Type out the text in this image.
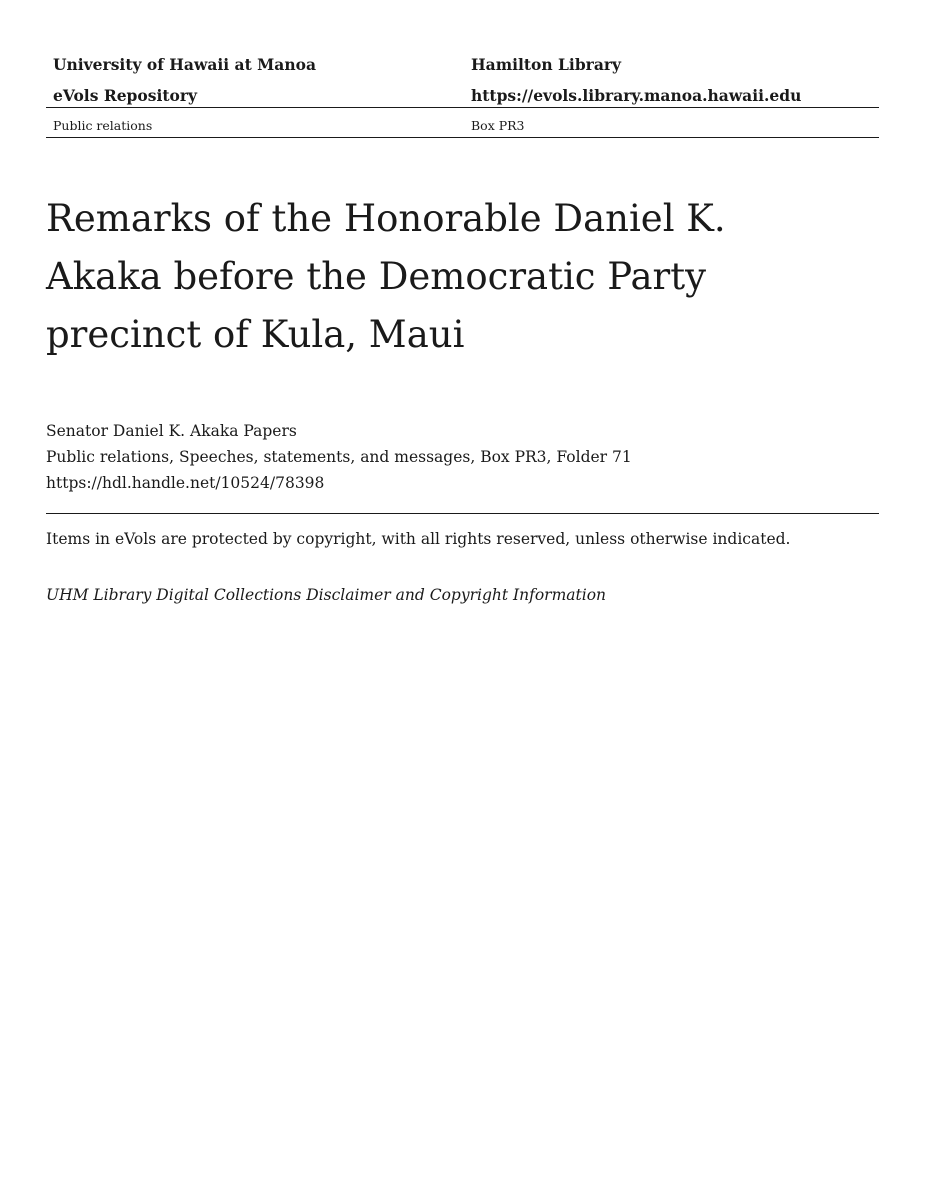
University of Hawaii at Manoa	Hamilton Library
eVols Repository	https://evols.library.manoa.hawaii.edu
Public relations	Box PR3
Remarks of the Honorable Daniel K.
Akaka before the Democratic Party
precinct of Kula, Maui
Senator Daniel K. Akaka Papers
Public relations, Speeches, statements, and messages, Box PR3, Folder 71
https://hdl.handle.net/10524/78398
Items in eVols are protected by copyright, with all rights reserved, unless otherwise indicated.
UHM Library Digital Collections Disclaimer and Copyright Information
